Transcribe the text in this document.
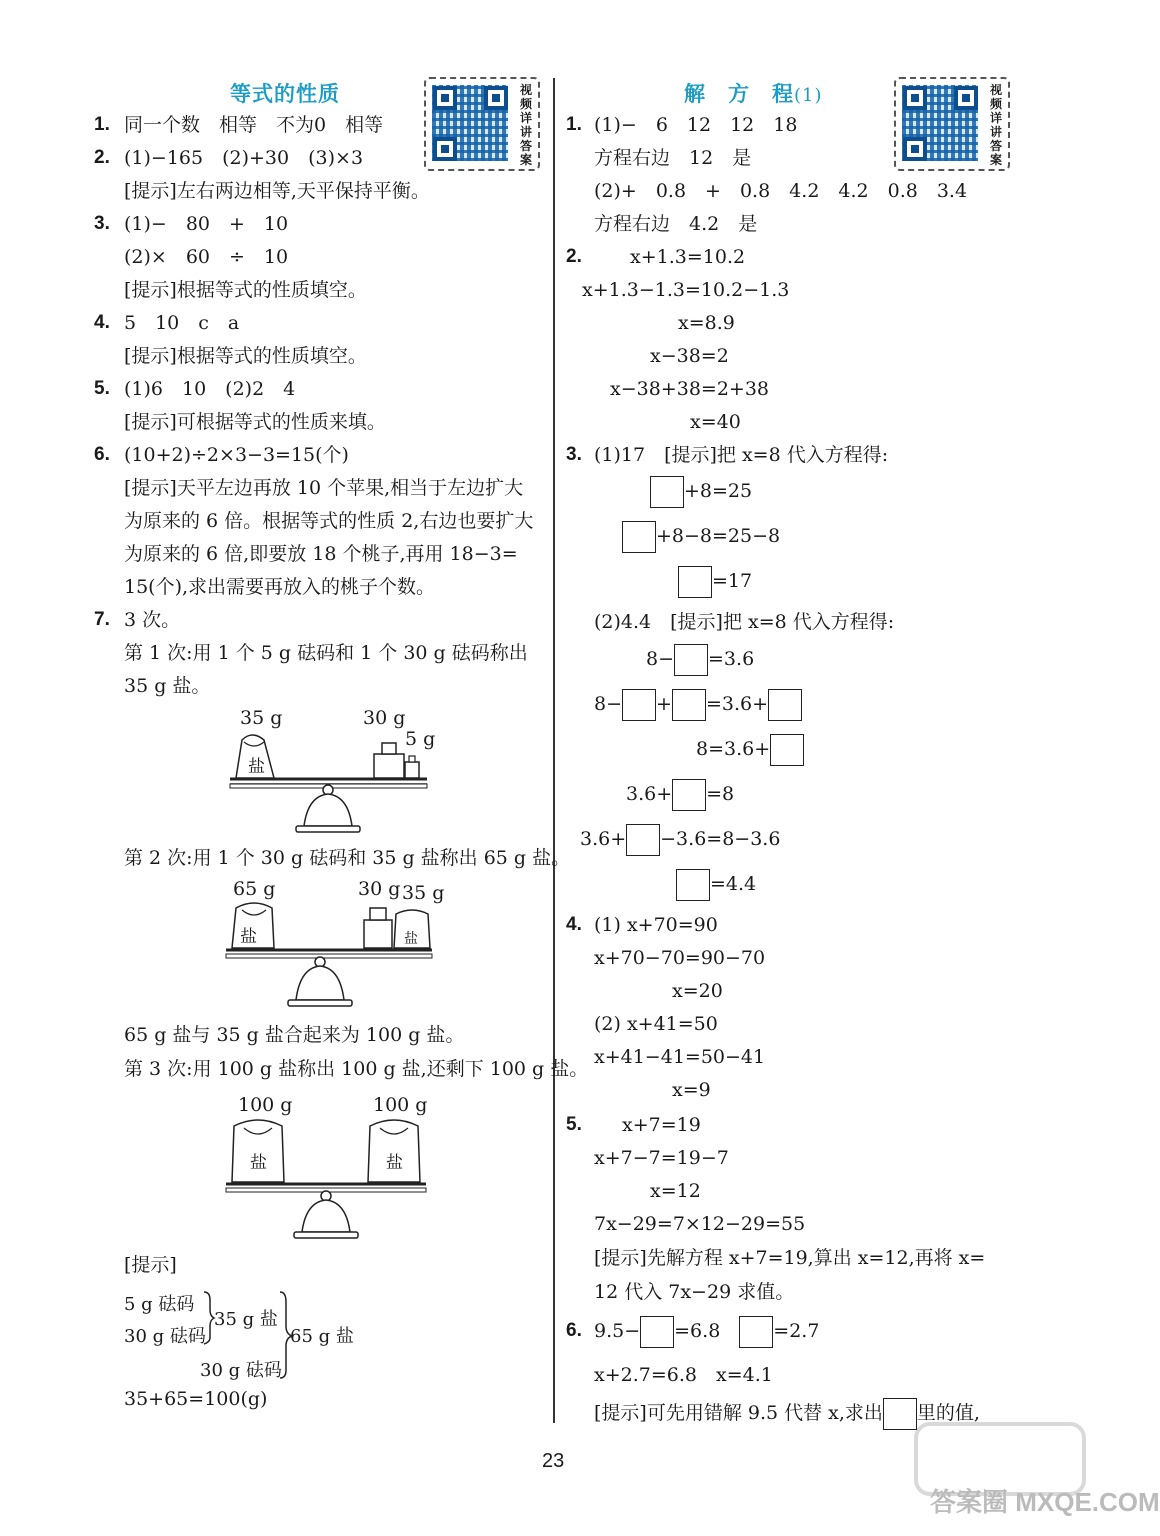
等式的性质	视频详讲答案
1. 同一个数　相等　不为0　相等
2. (1)−165　(2)+30　(3)×3
[提示]左右两边相等,天平保持平衡。
3. (1)−　80　+　10
(2)×　60　÷　10
[提示]根据等式的性质填空。
4. 5　10　c　a
[提示]根据等式的性质填空。
5. (1)6　10　(2)2　4
[提示]可根据等式的性质来填。
6. (10+2)÷2×3−3=15(个)
[提示]天平左边再放 10 个苹果,相当于左边扩大
为原来的 6 倍。根据等式的性质 2,右边也要扩大
为原来的 6 倍,即要放 18 个桃子,再用 18−3=
15(个),求出需要再放入的桃子个数。
7. 3 次。
第 1 次:用 1 个 5 g 砝码和 1 个 30 g 砝码称出
35 g 盐。
35 g	30 g
5 g
盐
第 2 次:用 1 个 30 g 砝码和 35 g 盐称出 65 g 盐。
65 g	30 g 35 g
盐	盐
65 g 盐与 35 g 盐合起来为 100 g 盐。
第 3 次:用 100 g 盐称出 100 g 盐,还剩下 100 g 盐。
100 g	100 g
盐	盐
[提示]
5 g 砝码
30 g 砝码
35 g 盐
65 g 盐
30 g 砝码
35+65=100(g)
解　方　程(1)	视频详讲答案
1. (1)−　6　12　12　18
方程右边　12　是
(2)+　0.8　+　0.8　4.2　4.2　0.8　3.4
方程右边　4.2　是
2.	x+1.3=10.2
x+1.3−1.3=10.2−1.3
x=8.9
x−38=2
x−38+38=2+38
x=40
3. (1)17　[提示]把 x=8 代入方程得:
+8=25
+8−8=25−8
=17
(2)4.4　[提示]把 x=8 代入方程得:
8− =3.6
8− + =3.6+
8=3.6+
3.6+ =8
3.6+ −3.6=8−3.6
=4.4
4. (1) x+70=90
x+70−70=90−70
x=20
(2) x+41=50
x+41−41=50−41
x=9
5. x+7=19
x+7−7=19−7
x=12
7x−29=7×12−29=55
[提示]先解方程 x+7=19,算出 x=12,再将 x=
12 代入 7x−29 求值。
6. 9.5− =6.8　	=2.7
x+2.7=6.8　x=4.1
[提示]可先用错解 9.5 代替 x,求出 里的值,
23
答案圈 MXQE.COM
